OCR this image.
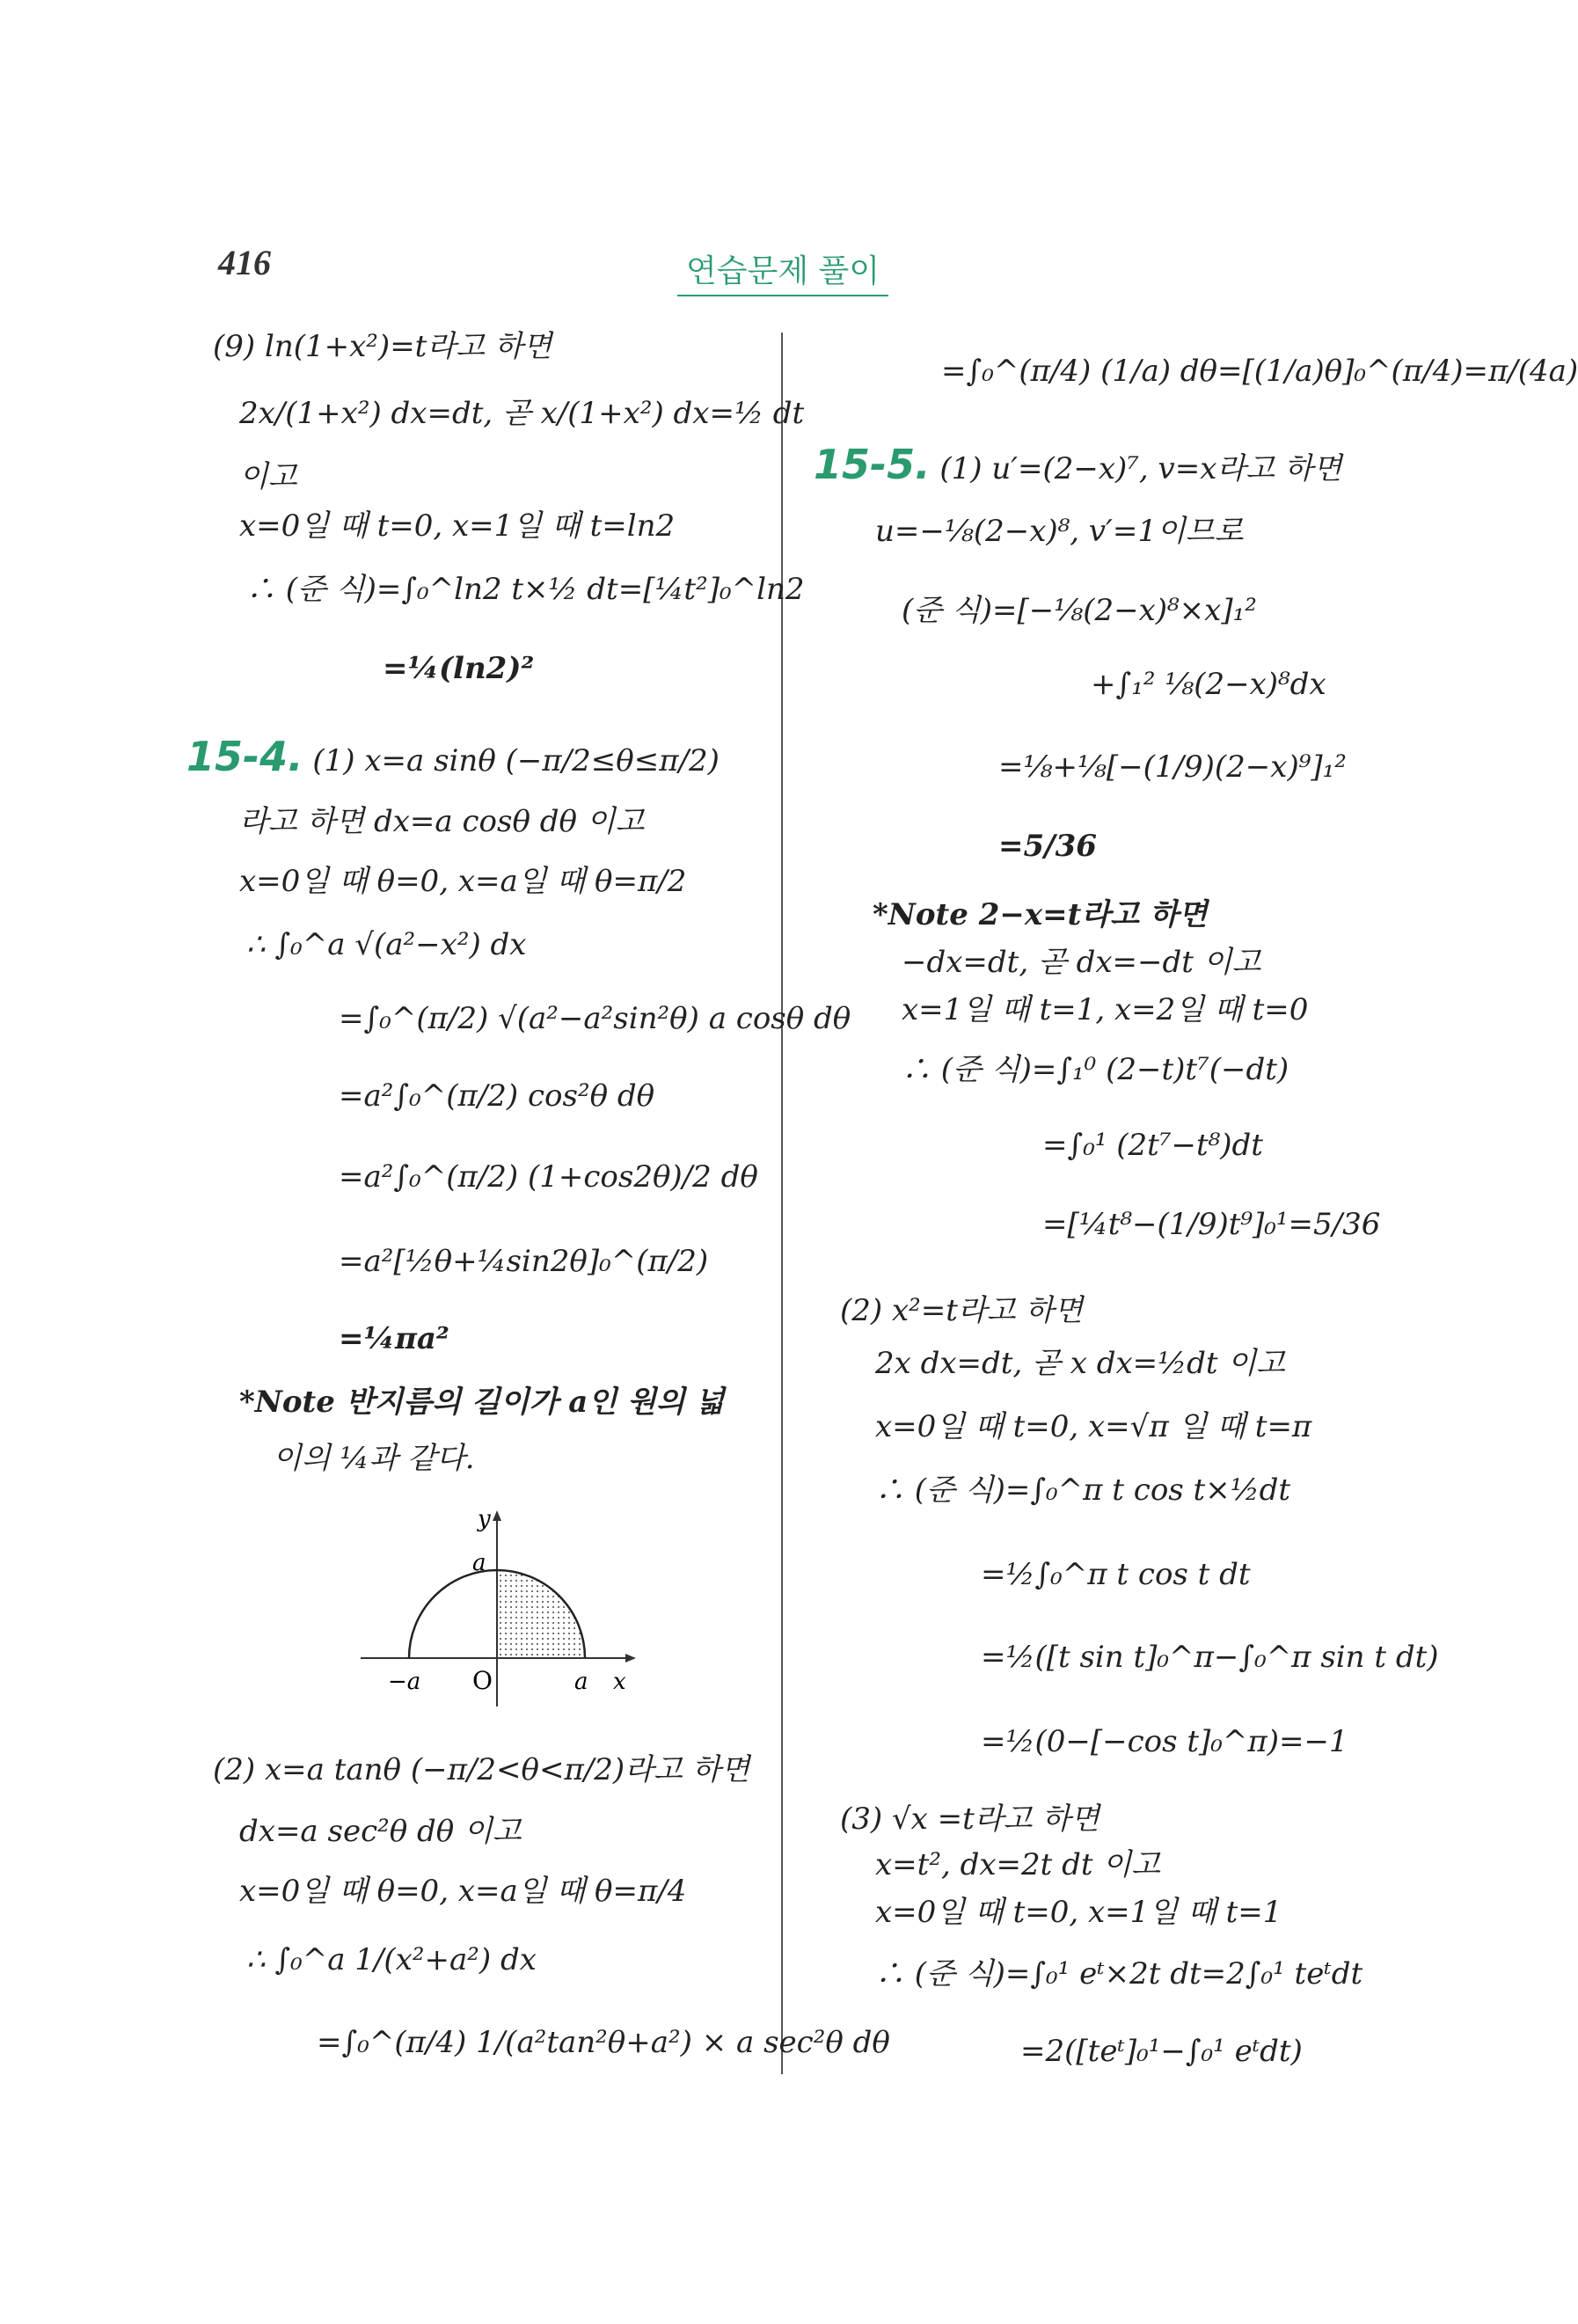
416	연습문제 풀이
(9) ln(1+x²)=t라고 하면
2x/(1+x²) dx=dt, 곧 x/(1+x²) dx=½ dt
이고
x=0일 때 t=0, x=1일 때 t=ln2
∴ (준 식)=∫₀^ln2 t×½ dt=[¼t²]₀^ln2
=¼(ln2)²
15-4. (1) x=a sinθ (−π/2≤θ≤π/2)
라고 하면 dx=a cosθ dθ 이고
x=0일 때 θ=0, x=a일 때 θ=π/2
∴ ∫₀^a √(a²−x²) dx
=∫₀^(π/2) √(a²−a²sin²θ) a cosθ dθ
=a²∫₀^(π/2) cos²θ dθ
=a²∫₀^(π/2) (1+cos2θ)/2 dθ
=a²[½θ+¼sin2θ]₀^(π/2)
=¼πa²
*Note 반지름의 길이가 a인 원의 넓
이의 ¼과 같다.
(2) x=a tanθ (−π/2<θ<π/2)라고 하면
dx=a sec²θ dθ 이고
x=0일 때 θ=0, x=a일 때 θ=π/4
∴ ∫₀^a 1/(x²+a²) dx
=∫₀^(π/4) 1/(a²tan²θ+a²) × a sec²θ dθ
y
a
−a O	a x
=∫₀^(π/4) (1/a) dθ=[(1/a)θ]₀^(π/4)=π/(4a)
15-5. (1) u′=(2−x)⁷, v=x라고 하면
u=−⅛(2−x)⁸, v′=1이므로
(준 식)=[−⅛(2−x)⁸×x]₁²
+∫₁² ⅛(2−x)⁸dx
=⅛+⅛[−(1/9)(2−x)⁹]₁²
=5/36
*Note 2−x=t라고 하면
−dx=dt, 곧 dx=−dt 이고
x=1일 때 t=1, x=2일 때 t=0
∴ (준 식)=∫₁⁰ (2−t)t⁷(−dt)
=∫₀¹ (2t⁷−t⁸)dt
=[¼t⁸−(1/9)t⁹]₀¹=5/36
(2) x²=t라고 하면
2x dx=dt, 곧 x dx=½dt 이고
x=0일 때 t=0, x=√π 일 때 t=π
∴ (준 식)=∫₀^π t cos t×½dt
=½∫₀^π t cos t dt
=½([t sin t]₀^π−∫₀^π sin t dt)
=½(0−[−cos t]₀^π)=−1
(3) √x =t라고 하면
x=t², dx=2t dt 이고
x=0일 때 t=0, x=1일 때 t=1
∴ (준 식)=∫₀¹ eᵗ×2t dt=2∫₀¹ teᵗdt
=2([teᵗ]₀¹−∫₀¹ eᵗdt)
